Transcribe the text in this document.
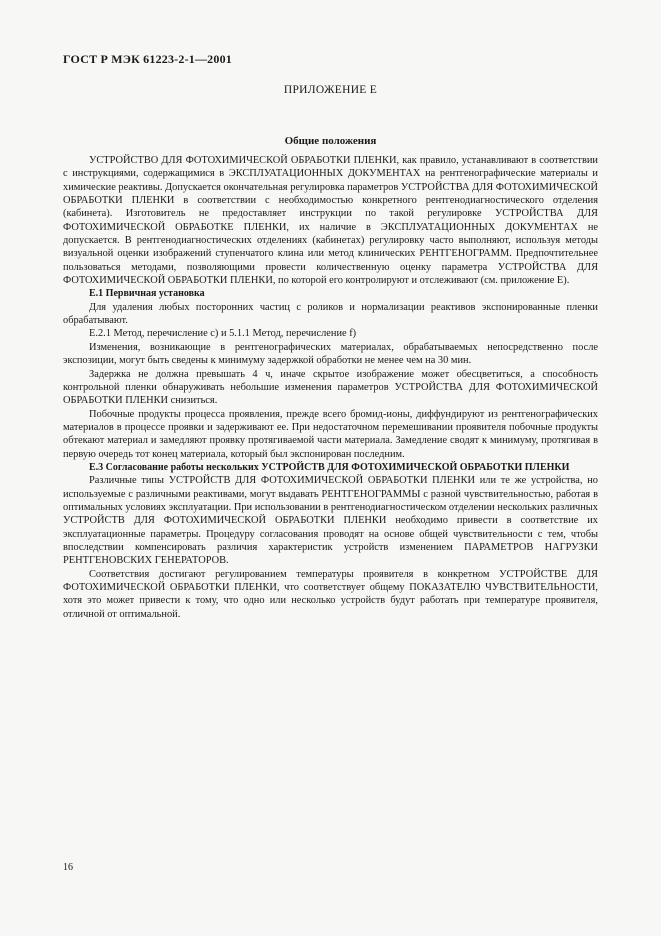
ГОСТ Р МЭК 61223-2-1—2001
ПРИЛОЖЕНИЕ Е
Общие положения

УСТРОЙСТВО ДЛЯ ФОТОХИМИЧЕСКОЙ ОБРАБОТКИ ПЛЕНКИ, как правило, устанавливают в соответствии с инструкциями, содержащимися в ЭКСПЛУАТАЦИОННЫХ ДОКУМЕНТАХ на рентгенографические материалы и химические реактивы. Допускается окончательная регулировка параметров УСТРОЙСТВА ДЛЯ ФОТОХИМИЧЕСКОЙ ОБРАБОТКИ ПЛЕНКИ в соответствии с необходимостью конкретного рентгенодиагностического отделения (кабинета). Изготовитель не предоставляет инструкции по такой регулировке УСТРОЙСТВА ДЛЯ ФОТОХИМИЧЕСКОЙ ОБРАБОТКЕ ПЛЕНКИ, их наличие в ЭКСПЛУАТАЦИОННЫХ ДОКУМЕНТАХ не допускается. В рентгенодиагностических отделениях (кабинетах) регулировку часто выполняют, используя методы визуальной оценки изображений ступенчатого клина или метод клинических РЕНТГЕНОГРАММ. Предпочтительнее пользоваться методами, позволяющими провести количественную оценку параметра УСТРОЙСТВА ДЛЯ ФОТОХИМИЧЕСКОЙ ОБРАБОТКИ ПЛЕНКИ, по которой его контролируют и отслеживают (см. приложение Е).

Е.1 Первичная установка

Для удаления любых посторонних частиц с роликов и нормализации реактивов экспонированные пленки обрабатывают.

Е.2.1 Метод, перечисление с) и 5.1.1 Метод, перечисление f)

Изменения, возникающие в рентгенографических материалах, обрабатываемых непосредственно после экспозиции, могут быть сведены к минимуму задержкой обработки не менее чем на 30 мин.

Задержка не должна превышать 4 ч, иначе скрытое изображение может обесцветиться, а способность контрольной пленки обнаруживать небольшие изменения параметров УСТРОЙСТВА ДЛЯ ФОТОХИМИЧЕСКОЙ ОБРАБОТКИ ПЛЕНКИ снизиться.

Побочные продукты процесса проявления, прежде всего бромид-ионы, диффундируют из рентгенографических материалов в процессе проявки и задерживают ее. При недостаточном перемешивании проявителя побочные продукты обтекают материал и замедляют проявку протягиваемой части материала. Замедление сводят к минимуму, протягивая в первую очередь тот конец материала, который был экспонирован последним.

Е.3 Согласование работы нескольких УСТРОЙСТВ ДЛЯ ФОТОХИМИЧЕСКОЙ ОБРАБОТКИ ПЛЕНКИ

Различные типы УСТРОЙСТВ ДЛЯ ФОТОХИМИЧЕСКОЙ ОБРАБОТКИ ПЛЕНКИ или те же устройства, но используемые с различными реактивами, могут выдавать РЕНТГЕНОГРАММЫ с разной чувствительностью, работая в оптимальных условиях эксплуатации. При использовании в рентгенодиагностическом отделении нескольких различных УСТРОЙСТВ ДЛЯ ФОТОХИМИЧЕСКОЙ ОБРАБОТКИ ПЛЕНКИ необходимо привести в соответствие их эксплуатационные параметры. Процедуру согласования проводят на основе общей чувствительности с тем, чтобы впоследствии компенсировать различия характеристик устройств изменением ПАРАМЕТРОВ НАГРУЗКИ РЕНТГЕНОВСКИХ ГЕНЕРАТОРОВ.

Соответствия достигают регулированием температуры проявителя в конкретном УСТРОЙСТВЕ ДЛЯ ФОТОХИМИЧЕСКОЙ ОБРАБОТКИ ПЛЕНКИ, что соответствует общему ПОКАЗАТЕЛЮ ЧУВСТВИТЕЛЬНОСТИ, хотя это может привести к тому, что одно или несколько устройств будут работать при температуре проявителя, отличной от оптимальной.

16
